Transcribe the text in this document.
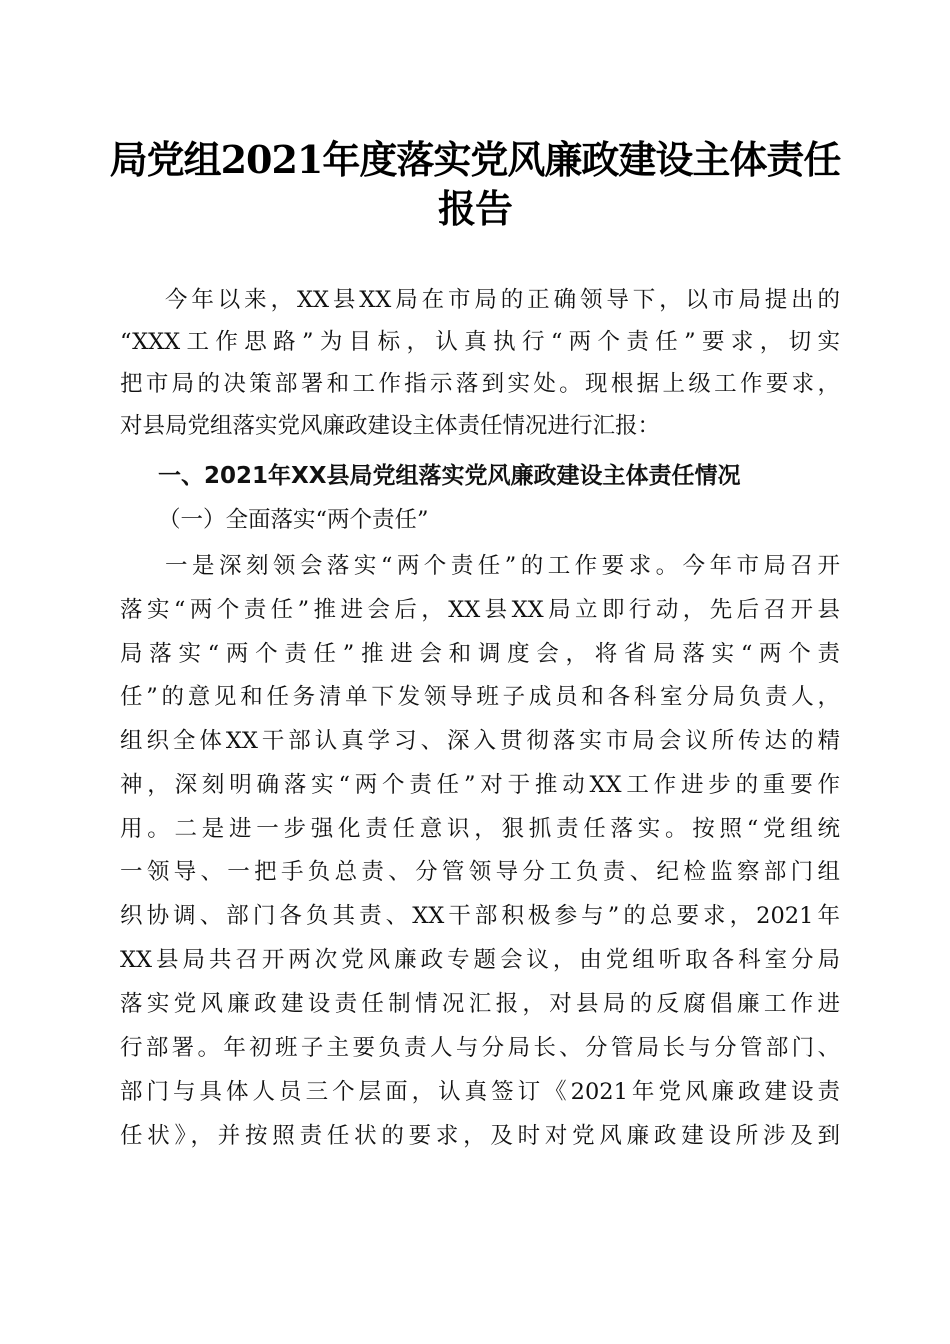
局党组2021年度落实党风廉政建设主体责任
报告
今年以来，XX县XX局在市局的正确领导下，以市局提出的
“XXX工作思路”为目标，认真执行“两个责任”要求，切实
把市局的决策部署和工作指示落到实处。现根据上级工作要求，
对县局党组落实党风廉政建设主体责任情况进行汇报：
一、2021年XX县局党组落实党风廉政建设主体责任情况
（一）全面落实“两个责任”
一是深刻领会落实“两个责任”的工作要求。今年市局召开
落实“两个责任”推进会后，XX县XX局立即行动，先后召开县
局落实“两个责任”推进会和调度会，将省局落实“两个责
任”的意见和任务清单下发领导班子成员和各科室分局负责人，
组织全体XX干部认真学习、深入贯彻落实市局会议所传达的精
神，深刻明确落实“两个责任”对于推动XX工作进步的重要作
用。二是进一步强化责任意识，狠抓责任落实。按照“党组统
一领导、一把手负总责、分管领导分工负责、纪检监察部门组
织协调、部门各负其责、XX干部积极参与”的总要求，2021年
XX县局共召开两次党风廉政专题会议，由党组听取各科室分局
落实党风廉政建设责任制情况汇报，对县局的反腐倡廉工作进
行部署。年初班子主要负责人与分局长、分管局长与分管部门、
部门与具体人员三个层面，认真签订《2021年党风廉政建设责
任状》，并按照责任状的要求，及时对党风廉政建设所涉及到
